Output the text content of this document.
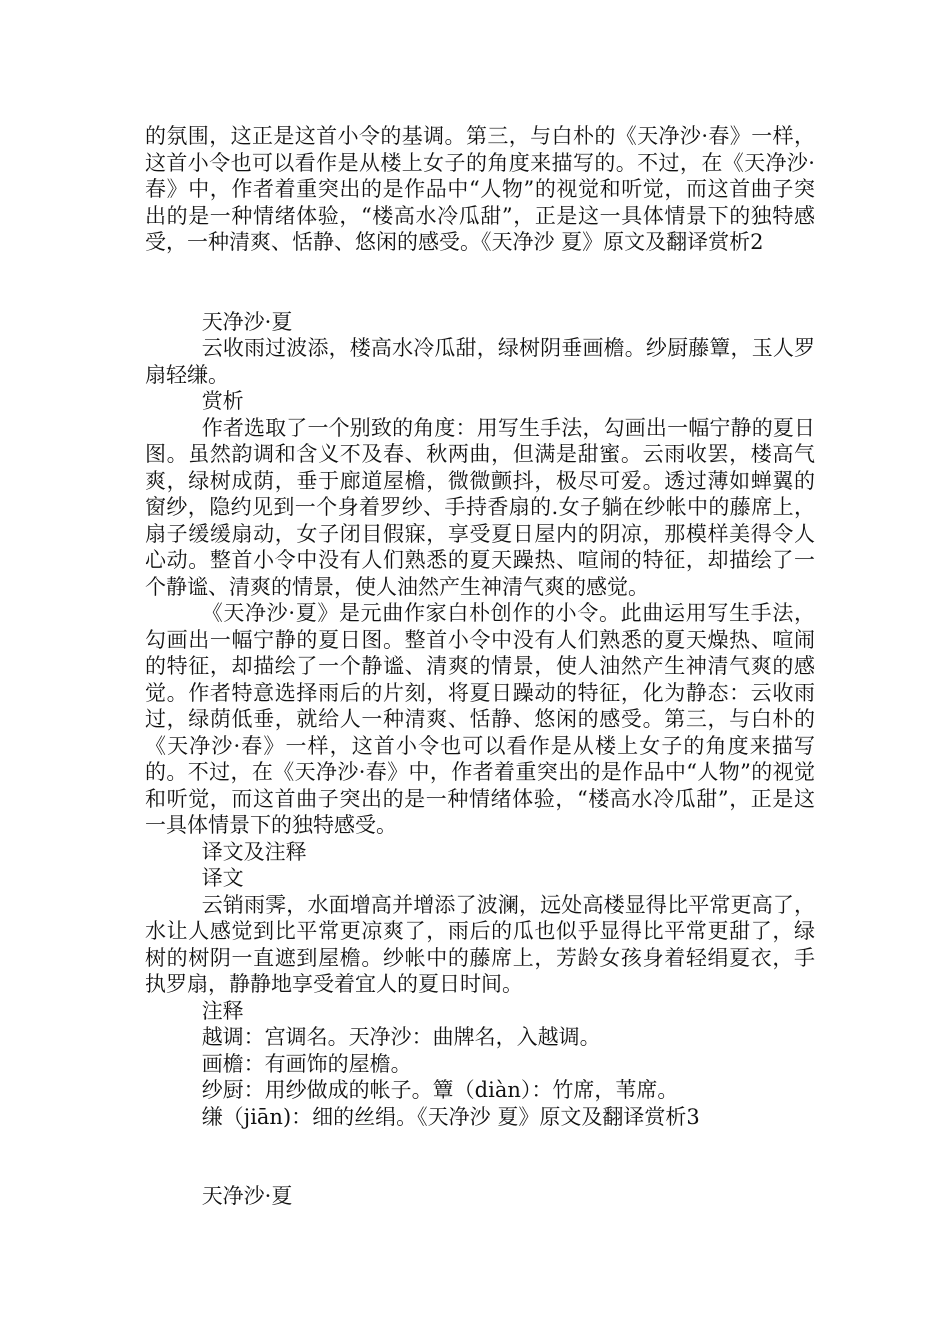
的氛围，这正是这首小令的基调。第三，与白朴的《天净沙·春》一样，这首小令也可以看作是从楼上女子的角度来描写的。不过，在《天净沙·春》中，作者着重突出的是作品中“人物”的视觉和听觉，而这首曲子突出的是一种情绪体验，“楼高水冷瓜甜”，正是这一具体情景下的独特感受，一种清爽、恬静、悠闲的感受。《天净沙 夏》原文及翻译赏析2

天净沙·夏

云收雨过波添，楼高水冷瓜甜，绿树阴垂画檐。纱厨藤簟，玉人罗扇轻缣。

赏析

作者选取了一个别致的角度：用写生手法，勾画出一幅宁静的夏日图。虽然韵调和含义不及春、秋两曲，但满是甜蜜。云雨收罢，楼高气爽，绿树成荫，垂于廊道屋檐，微微颤抖，极尽可爱。透过薄如蝉翼的窗纱，隐约见到一个身着罗纱、手持香扇的.女子躺在纱帐中的藤席上，扇子缓缓扇动，女子闭目假寐，享受夏日屋内的阴凉，那模样美得令人心动。整首小令中没有人们熟悉的夏天躁热、喧闹的特征，却描绘了一个静谧、清爽的情景，使人油然产生神清气爽的感觉。

《天净沙·夏》是元曲作家白朴创作的小令。此曲运用写生手法，勾画出一幅宁静的夏日图。整首小令中没有人们熟悉的夏天燥热、喧闹的特征，却描绘了一个静谧、清爽的情景，使人油然产生神清气爽的感觉。作者特意选择雨后的片刻，将夏日躁动的特征，化为静态：云收雨过，绿荫低垂，就给人一种清爽、恬静、悠闲的感受。第三，与白朴的《天净沙·春》一样，这首小令也可以看作是从楼上女子的角度来描写的。不过，在《天净沙·春》中，作者着重突出的是作品中“人物”的视觉和听觉，而这首曲子突出的是一种情绪体验，“楼高水冷瓜甜”，正是这一具体情景下的独特感受。

译文及注释

译文

云销雨霁，水面增高并增添了波澜，远处高楼显得比平常更高了，水让人感觉到比平常更凉爽了，雨后的瓜也似乎显得比平常更甜了，绿树的树阴一直遮到屋檐。纱帐中的藤席上，芳龄女孩身着轻绢夏衣，手执罗扇，静静地享受着宜人的夏日时间。

注释

越调：宫调名。天净沙：曲牌名，入越调。

画檐：有画饰的屋檐。

纱厨：用纱做成的帐子。簟（diàn）：竹席，苇席。

缣（jiān)：细的丝绢。《天净沙 夏》原文及翻译赏析3

天净沙·夏
